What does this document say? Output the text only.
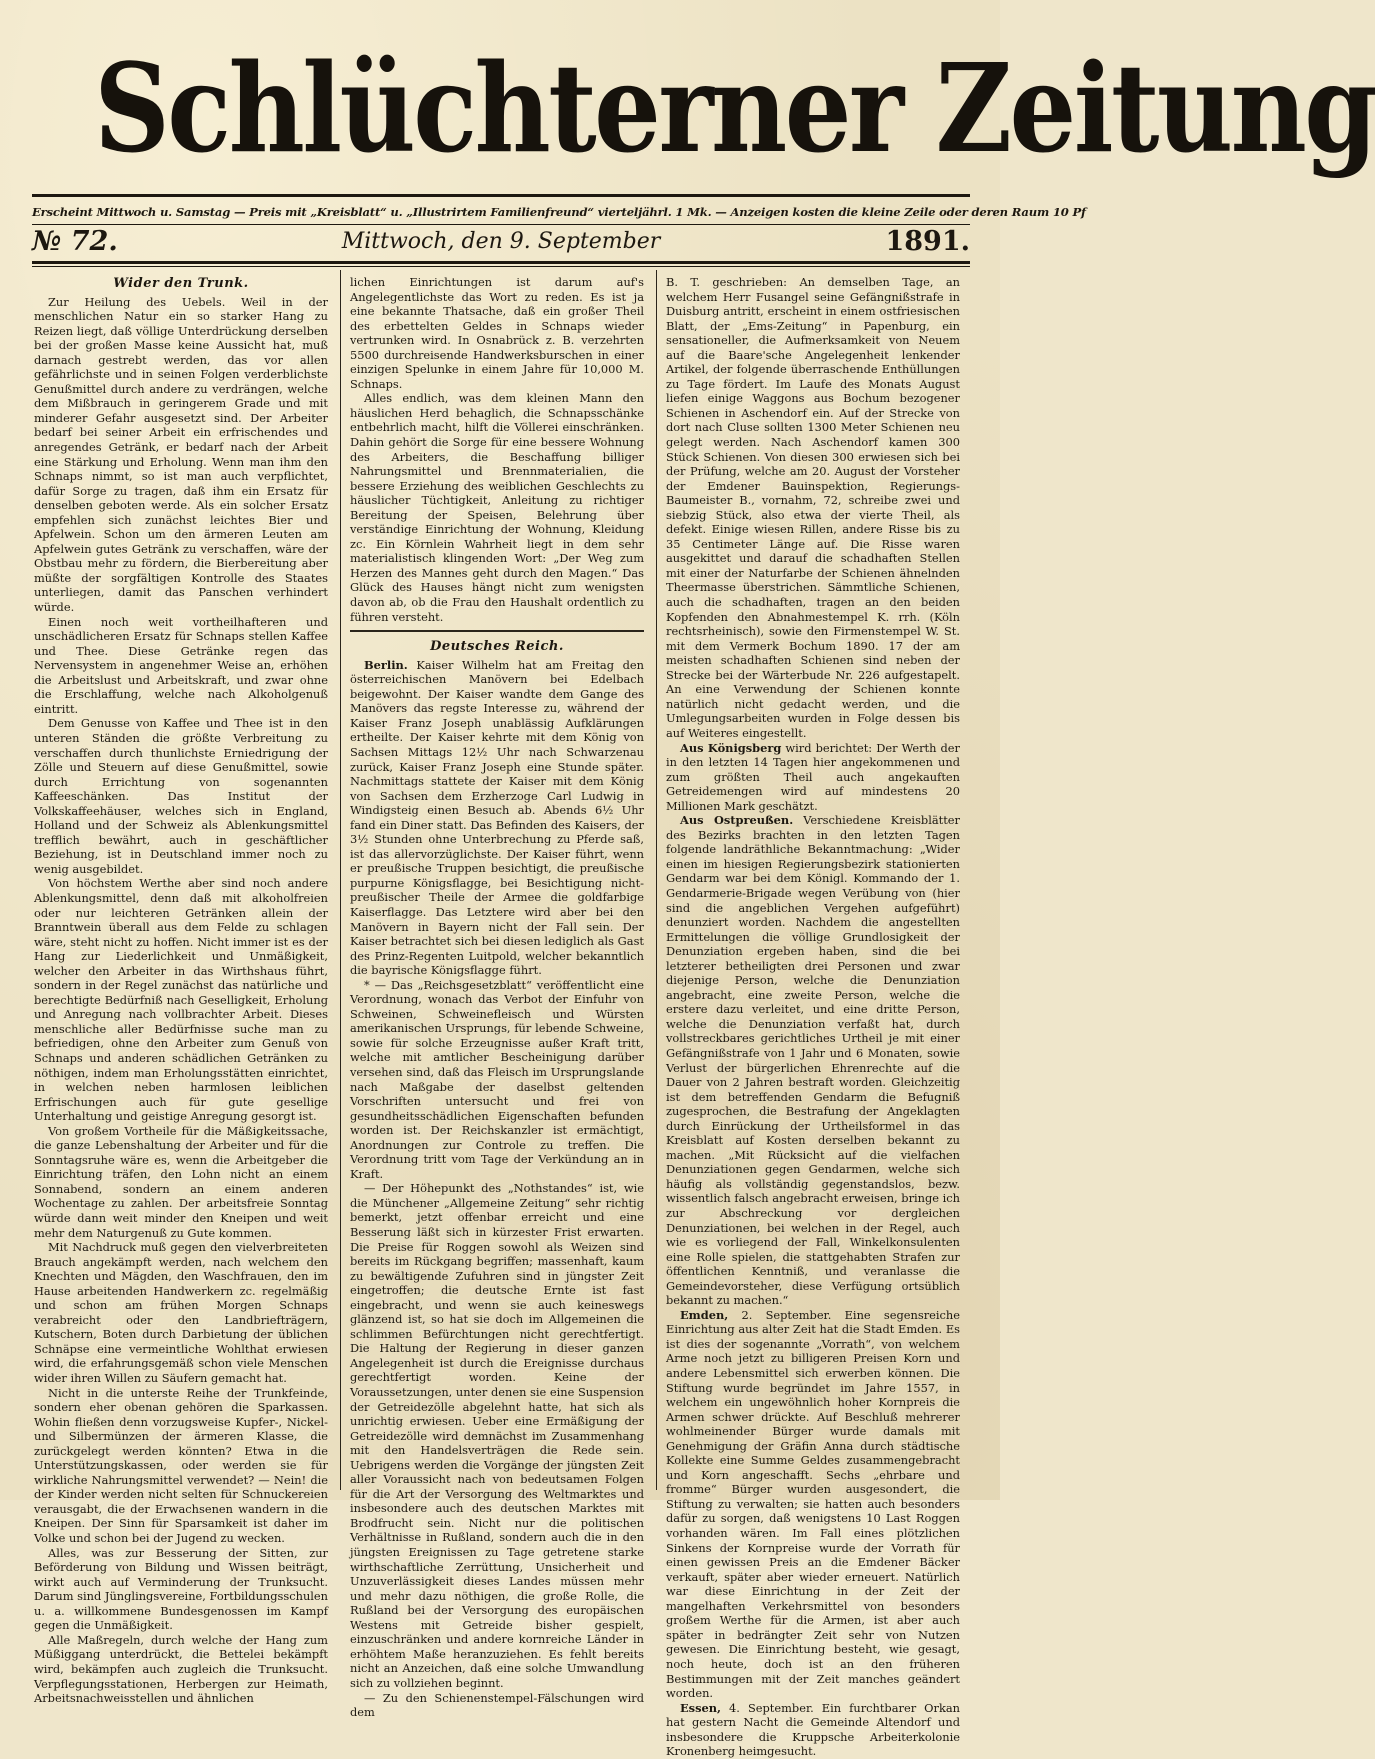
Schlüchterner Zeitung
Erscheint Mittwoch u. Samstag — Preis mit „Kreisblatt“ u. „Illustrirtem Familienfreund“ vierteljährl. 1 Mk. — Anzeigen kosten die kleine Zeile oder deren Raum 10 Pf
Mittwoch, den 9. September
№ 72.	1891.
Wider den Trunk.

Zur Heilung des Uebels. Weil in der menschlichen Natur ein so starker Hang zu Reizen liegt, daß völlige Unterdrückung derselben bei der großen Masse keine Aussicht hat, muß darnach gestrebt werden, das vor allen gefährlichste und in seinen Folgen verderblichste Genußmittel durch andere zu verdrängen, welche dem Mißbrauch in geringerem Grade und mit minderer Gefahr ausgesetzt sind. Der Arbeiter bedarf bei seiner Arbeit ein erfrischendes und anregendes Getränk, er bedarf nach der Arbeit eine Stärkung und Erholung. Wenn man ihm den Schnaps nimmt, so ist man auch verpflichtet, dafür Sorge zu tragen, daß ihm ein Ersatz für denselben geboten werde. Als ein solcher Ersatz empfehlen sich zunächst leichtes Bier und Apfelwein. Schon um den ärmeren Leuten am Apfelwein gutes Getränk zu verschaffen, wäre der Obstbau mehr zu fördern, die Bierbereitung aber müßte der sorgfältigen Kontrolle des Staates unterliegen, damit das Panschen verhindert würde.

Einen noch weit vortheilhafteren und unschädlicheren Ersatz für Schnaps stellen Kaffee und Thee. Diese Getränke regen das Nervensystem in angenehmer Weise an, erhöhen die Arbeitslust und Arbeitskraft, und zwar ohne die Erschlaffung, welche nach Alkoholgenuß eintritt.

Dem Genusse von Kaffee und Thee ist in den unteren Ständen die größte Verbreitung zu verschaffen durch thunlichste Erniedrigung der Zölle und Steuern auf diese Genußmittel, sowie durch Errichtung von sogenannten Kaffeeschänken. Das Institut der Volkskaffeehäuser, welches sich in England, Holland und der Schweiz als Ablenkungsmittel trefflich bewährt, auch in geschäftlicher Beziehung, ist in Deutschland immer noch zu wenig ausgebildet.

Von höchstem Werthe aber sind noch andere Ablenkungsmittel, denn daß mit alkoholfreien oder nur leichteren Getränken allein der Branntwein überall aus dem Felde zu schlagen wäre, steht nicht zu hoffen. Nicht immer ist es der Hang zur Liederlichkeit und Unmäßigkeit, welcher den Arbeiter in das Wirthshaus führt, sondern in der Regel zunächst das natürliche und berechtigte Bedürfniß nach Geselligkeit, Erholung und Anregung nach vollbrachter Arbeit. Dieses menschliche aller Bedürfnisse suche man zu befriedigen, ohne den Arbeiter zum Genuß von Schnaps und anderen schädlichen Getränken zu nöthigen, indem man Erholungsstätten einrichtet, in welchen neben harmlosen leiblichen Erfrischungen auch für gute gesellige Unterhaltung und geistige Anregung gesorgt ist.

Von großem Vortheile für die Mäßigkeitssache, die ganze Lebenshaltung der Arbeiter und für die Sonntagsruhe wäre es, wenn die Arbeitgeber die Einrichtung träfen, den Lohn nicht an einem Sonnabend, sondern an einem anderen Wochentage zu zahlen. Der arbeitsfreie Sonntag würde dann weit minder den Kneipen und weit mehr dem Naturgenuß zu Gute kommen.

Mit Nachdruck muß gegen den vielverbreiteten Brauch angekämpft werden, nach welchem den Knechten und Mägden, den Waschfrauen, den im Hause arbeitenden Handwerkern zc. regelmäßig und schon am frühen Morgen Schnaps verabreicht oder den Landbriefträgern, Kutschern, Boten durch Darbietung der üblichen Schnäpse eine vermeintliche Wohlthat erwiesen wird, die erfahrungsgemäß schon viele Menschen wider ihren Willen zu Säufern gemacht hat.

Nicht in die unterste Reihe der Trunkfeinde, sondern eher obenan gehören die Sparkassen. Wohin fließen denn vorzugsweise Kupfer-, Nickel- und Silbermünzen der ärmeren Klasse, die zurückgelegt werden könnten? Etwa in die Unterstützungskassen, oder werden sie für wirkliche Nahrungsmittel verwendet? — Nein! die der Kinder werden nicht selten für Schnuckereien verausgabt, die der Erwachsenen wandern in die Kneipen. Der Sinn für Sparsamkeit ist daher im Volke und schon bei der Jugend zu wecken.

Alles, was zur Besserung der Sitten, zur Beförderung von Bildung und Wissen beiträgt, wirkt auch auf Verminderung der Trunksucht. Darum sind Jünglingsvereine, Fortbildungsschulen u. a. willkommene Bundesgenossen im Kampf gegen die Unmäßigkeit.

Alle Maßregeln, durch welche der Hang zum Müßiggang unterdrückt, die Bettelei bekämpft wird, bekämpfen auch zugleich die Trunksucht. Verpflegungsstationen, Herbergen zur Heimath, Arbeitsnachweisstellen und ähnlichen

lichen Einrichtungen ist darum auf's Angelegentlichste das Wort zu reden. Es ist ja eine bekannte Thatsache, daß ein großer Theil des erbettelten Geldes in Schnaps wieder vertrunken wird. In Osnabrück z. B. verzehrten 5500 durchreisende Handwerksburschen in einer einzigen Spelunke in einem Jahre für 10,000 M. Schnaps.

Alles endlich, was dem kleinen Mann den häuslichen Herd behaglich, die Schnapsschänke entbehrlich macht, hilft die Völlerei einschränken. Dahin gehört die Sorge für eine bessere Wohnung des Arbeiters, die Beschaffung billiger Nahrungsmittel und Brennmaterialien, die bessere Erziehung des weiblichen Geschlechts zu häuslicher Tüchtigkeit, Anleitung zu richtiger Bereitung der Speisen, Belehrung über verständige Einrichtung der Wohnung, Kleidung zc. Ein Körnlein Wahrheit liegt in dem sehr materialistisch klingenden Wort: „Der Weg zum Herzen des Mannes geht durch den Magen.“ Das Glück des Hauses hängt nicht zum wenigsten davon ab, ob die Frau den Haushalt ordentlich zu führen versteht.

Deutsches Reich.

Berlin. Kaiser Wilhelm hat am Freitag den österreichischen Manövern bei Edelbach beigewohnt. Der Kaiser wandte dem Gange des Manövers das regste Interesse zu, während der Kaiser Franz Joseph unablässig Aufklärungen ertheilte. Der Kaiser kehrte mit dem König von Sachsen Mittags 12½ Uhr nach Schwarzenau zurück, Kaiser Franz Joseph eine Stunde später. Nachmittags stattete der Kaiser mit dem König von Sachsen dem Erzherzoge Carl Ludwig in Windigsteig einen Besuch ab. Abends 6½ Uhr fand ein Diner statt. Das Befinden des Kaisers, der 3½ Stunden ohne Unterbrechung zu Pferde saß, ist das allervorzüglichste. Der Kaiser führt, wenn er preußische Truppen besichtigt, die preußische purpurne Königsflagge, bei Besichtigung nicht-preußischer Theile der Armee die goldfarbige Kaiserflagge. Das Letztere wird aber bei den Manövern in Bayern nicht der Fall sein. Der Kaiser betrachtet sich bei diesen lediglich als Gast des Prinz-Regenten Luitpold, welcher bekanntlich die bayrische Königsflagge führt.

* — Das „Reichsgesetzblatt“ veröffentlicht eine Verordnung, wonach das Verbot der Einfuhr von Schweinen, Schweinefleisch und Würsten amerikanischen Ursprungs, für lebende Schweine, sowie für solche Erzeugnisse außer Kraft tritt, welche mit amtlicher Bescheinigung darüber versehen sind, daß das Fleisch im Ursprungslande nach Maßgabe der daselbst geltenden Vorschriften untersucht und frei von gesundheitsschädlichen Eigenschaften befunden worden ist. Der Reichskanzler ist ermächtigt, Anordnungen zur Controle zu treffen. Die Verordnung tritt vom Tage der Verkündung an in Kraft.

— Der Höhepunkt des „Nothstandes“ ist, wie die Münchener „Allgemeine Zeitung“ sehr richtig bemerkt, jetzt offenbar erreicht und eine Besserung läßt sich in kürzester Frist erwarten. Die Preise für Roggen sowohl als Weizen sind bereits im Rückgang begriffen; massenhaft, kaum zu bewältigende Zufuhren sind in jüngster Zeit eingetroffen; die deutsche Ernte ist fast eingebracht, und wenn sie auch keineswegs glänzend ist, so hat sie doch im Allgemeinen die schlimmen Befürchtungen nicht gerechtfertigt. Die Haltung der Regierung in dieser ganzen Angelegenheit ist durch die Ereignisse durchaus gerechtfertigt worden. Keine der Voraussetzungen, unter denen sie eine Suspension der Getreidezölle abgelehnt hatte, hat sich als unrichtig erwiesen. Ueber eine Ermäßigung der Getreidezölle wird demnächst im Zusammenhang mit den Handelsverträgen die Rede sein. Uebrigens werden die Vorgänge der jüngsten Zeit aller Voraussicht nach von bedeutsamen Folgen für die Art der Versorgung des Weltmarktes und insbesondere auch des deutschen Marktes mit Brodfrucht sein. Nicht nur die politischen Verhältnisse in Rußland, sondern auch die in den jüngsten Ereignissen zu Tage getretene starke wirthschaftliche Zerrüttung, Unsicherheit und Unzuverlässigkeit dieses Landes müssen mehr und mehr dazu nöthigen, die große Rolle, die Rußland bei der Versorgung des europäischen Westens mit Getreide bisher gespielt, einzuschränken und andere kornreiche Länder in erhöhtem Maße heranzuziehen. Es fehlt bereits nicht an Anzeichen, daß eine solche Umwandlung sich zu vollziehen beginnt.

— Zu den Schienenstempel-Fälschungen wird dem

B. T. geschrieben: An demselben Tage, an welchem Herr Fusangel seine Gefängnißstrafe in Duisburg antritt, erscheint in einem ostfriesischen Blatt, der „Ems-Zeitung“ in Papenburg, ein sensationeller, die Aufmerksamkeit von Neuem auf die Baare'sche Angelegenheit lenkender Artikel, der folgende überraschende Enthüllungen zu Tage fördert. Im Laufe des Monats August liefen einige Waggons aus Bochum bezogener Schienen in Aschendorf ein. Auf der Strecke von dort nach Cluse sollten 1300 Meter Schienen neu gelegt werden. Nach Aschendorf kamen 300 Stück Schienen. Von diesen 300 erwiesen sich bei der Prüfung, welche am 20. August der Vorsteher der Emdener Bauinspektion, Regierungs-Baumeister B., vornahm, 72, schreibe zwei und siebzig Stück, also etwa der vierte Theil, als defekt. Einige wiesen Rillen, andere Risse bis zu 35 Centimeter Länge auf. Die Risse waren ausgekittet und darauf die schadhaften Stellen mit einer der Naturfarbe der Schienen ähnelnden Theermasse überstrichen. Sämmtliche Schienen, auch die schadhaften, tragen an den beiden Kopfenden den Abnahmestempel K. rrh. (Köln rechtsrheinisch), sowie den Firmenstempel W. St. mit dem Vermerk Bochum 1890. 17 der am meisten schadhaften Schienen sind neben der Strecke bei der Wärterbude Nr. 226 aufgestapelt. An eine Verwendung der Schienen konnte natürlich nicht gedacht werden, und die Umlegungsarbeiten wurden in Folge dessen bis auf Weiteres eingestellt.

Aus Königsberg wird berichtet: Der Werth der in den letzten 14 Tagen hier angekommenen und zum größten Theil auch angekauften Getreidemengen wird auf mindestens 20 Millionen Mark geschätzt.

Aus Ostpreußen. Verschiedene Kreisblätter des Bezirks brachten in den letzten Tagen folgende landräthliche Bekanntmachung: „Wider einen im hiesigen Regierungsbezirk stationierten Gendarm war bei dem Königl. Kommando der 1. Gendarmerie-Brigade wegen Verübung von (hier sind die angeblichen Vergehen aufgeführt) denunziert worden. Nachdem die angestellten Ermittelungen die völlige Grundlosigkeit der Denunziation ergeben haben, sind die bei letzterer betheiligten drei Personen und zwar diejenige Person, welche die Denunziation angebracht, eine zweite Person, welche die erstere dazu verleitet, und eine dritte Person, welche die Denunziation verfaßt hat, durch vollstreckbares gerichtliches Urtheil je mit einer Gefängnißstrafe von 1 Jahr und 6 Monaten, sowie Verlust der bürgerlichen Ehrenrechte auf die Dauer von 2 Jahren bestraft worden. Gleichzeitig ist dem betreffenden Gendarm die Befugniß zugesprochen, die Bestrafung der Angeklagten durch Einrückung der Urtheilsformel in das Kreisblatt auf Kosten derselben bekannt zu machen. „Mit Rücksicht auf die vielfachen Denunziationen gegen Gendarmen, welche sich häufig als vollständig gegenstandslos, bezw. wissentlich falsch angebracht erweisen, bringe ich zur Abschreckung vor dergleichen Denunziationen, bei welchen in der Regel, auch wie es vorliegend der Fall, Winkelkonsulenten eine Rolle spielen, die stattgehabten Strafen zur öffentlichen Kenntniß, und veranlasse die Gemeindevorsteher, diese Verfügung ortsüblich bekannt zu machen.“

Emden, 2. September. Eine segensreiche Einrichtung aus alter Zeit hat die Stadt Emden. Es ist dies der sogenannte „Vorrath“, von welchem Arme noch jetzt zu billigeren Preisen Korn und andere Lebensmittel sich erwerben können. Die Stiftung wurde begründet im Jahre 1557, in welchem ein ungewöhnlich hoher Kornpreis die Armen schwer drückte. Auf Beschluß mehrerer wohlmeinender Bürger wurde damals mit Genehmigung der Gräfin Anna durch städtische Kollekte eine Summe Geldes zusammengebracht und Korn angeschafft. Sechs „ehrbare und fromme“ Bürger wurden ausgesondert, die Stiftung zu verwalten; sie hatten auch besonders dafür zu sorgen, daß wenigstens 10 Last Roggen vorhanden wären. Im Fall eines plötzlichen Sinkens der Kornpreise wurde der Vorrath für einen gewissen Preis an die Emdener Bäcker verkauft, später aber wieder erneuert. Natürlich war diese Einrichtung in der Zeit der mangelhaften Verkehrsmittel von besonders großem Werthe für die Armen, ist aber auch später in bedrängter Zeit sehr von Nutzen gewesen. Die Einrichtung besteht, wie gesagt, noch heute, doch ist an den früheren Bestimmungen mit der Zeit manches geändert worden.

Essen, 4. September. Ein furchtbarer Orkan hat gestern Nacht die Gemeinde Altendorf und insbesondere die Kruppsche Arbeiterkolonie Kronenberg heimgesucht.
